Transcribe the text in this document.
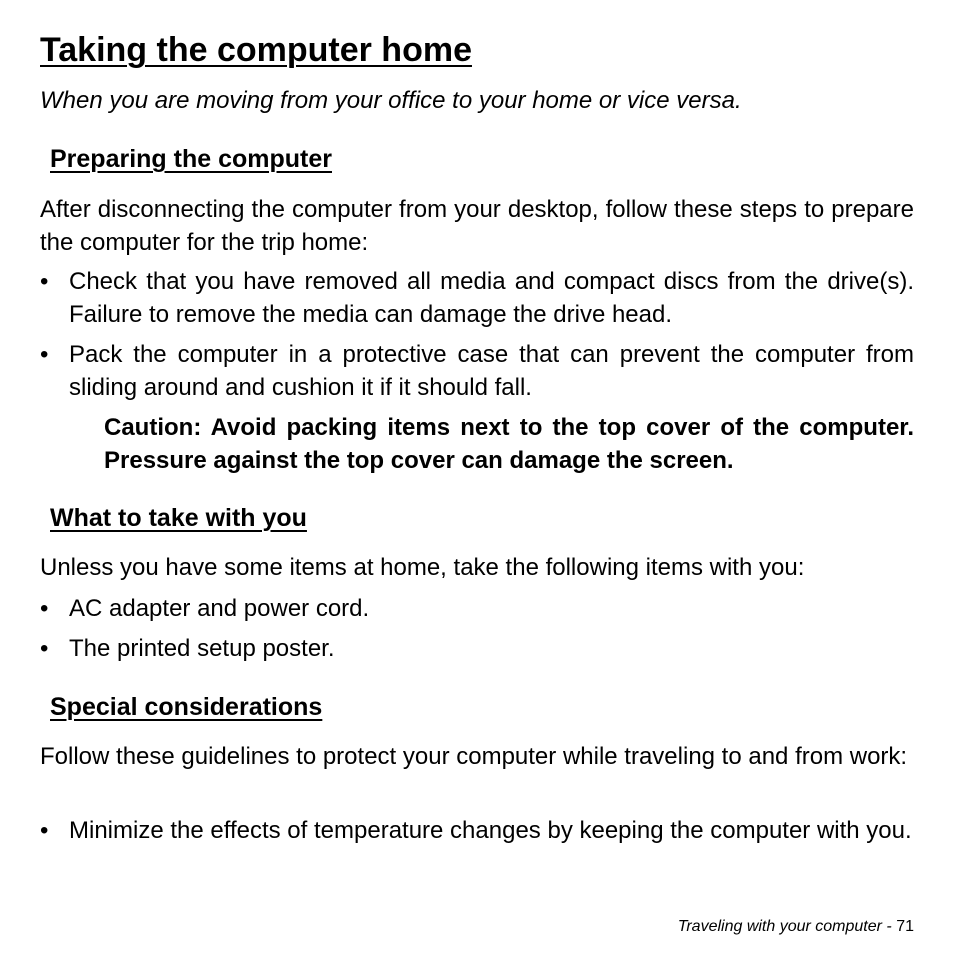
Taking the computer home

When you are moving from your office to your home or vice versa.

Preparing the computer

After disconnecting the computer from your desktop, follow these steps to prepare the computer for the trip home:

• Check that you have removed all media and compact discs from the drive(s). Failure to remove the media can damage the drive head.
• Pack the computer in a protective case that can prevent the computer from sliding around and cushion it if it should fall.

Caution: Avoid packing items next to the top cover of the computer. Pressure against the top cover can damage the screen.

What to take with you

Unless you have some items at home, take the following items with you:

• AC adapter and power cord.
• The printed setup poster.
Special considerations

Follow these guidelines to protect your computer while traveling to and from work:

• Minimize the effects of temperature changes by keeping the computer with you.
Traveling with your computer - 71
